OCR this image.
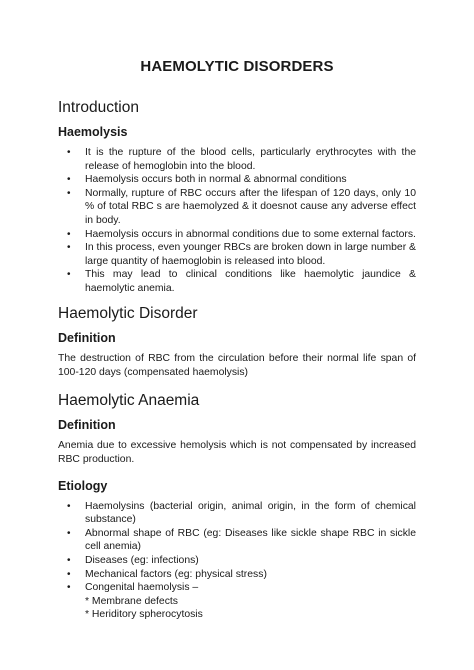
HAEMOLYTIC DISORDERS
Introduction
Haemolysis
• It is the rupture of the blood cells, particularly erythrocytes with the release of hemoglobin into the blood.
• Haemolysis occurs both in normal & abnormal conditions
• Normally, rupture of RBC occurs after the lifespan of 120 days, only 10 % of total RBC s are haemolyzed & it doesnot cause any adverse effect in body.
• Haemolysis occurs in abnormal conditions due to some external factors.
• In this process, even younger RBCs are broken down in large number & large quantity of haemoglobin is released into blood.
• This may lead to clinical conditions like haemolytic jaundice & haemolytic anemia.
Haemolytic Disorder
Definition

The destruction of RBC from the circulation before their normal life span of 100-120 days (compensated haemolysis)

Haemolytic Anaemia
Definition

Anemia due to excessive hemolysis which is not compensated by increased RBC production.

Etiology
• Haemolysins (bacterial origin, animal origin, in the form of chemical substance)
• Abnormal shape of RBC (eg: Diseases like sickle shape RBC in sickle cell anemia)
• Diseases (eg: infections)
• Mechanical factors (eg: physical stress)
• Congenital haemolysis –
* Membrane defects
* Heriditory spherocytosis
